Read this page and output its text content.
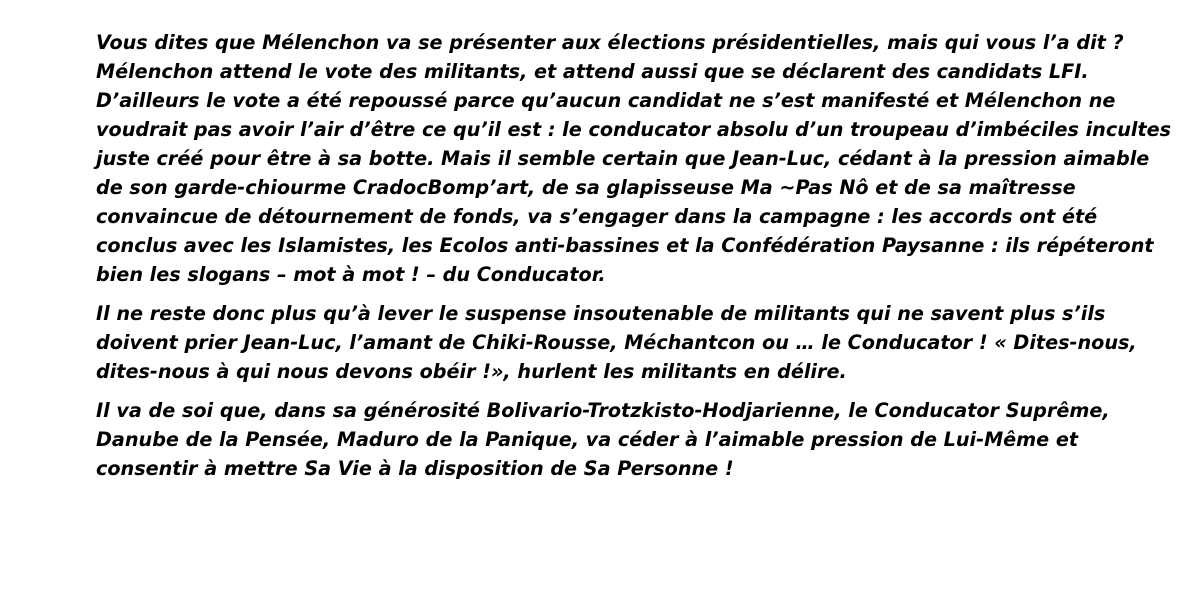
Vous dites que Mélenchon va se présenter aux élections présidentielles, mais qui vous l’a dit ?
Mélenchon attend le vote des militants, et attend aussi que se déclarent des candidats LFI.
D’ailleurs le vote a été repoussé parce qu’aucun candidat ne s’est manifesté et Mélenchon ne
voudrait pas avoir l’air d’être ce qu’il est : le conducator absolu d’un troupeau d’imbéciles incultes
juste créé pour être à sa botte. Mais il semble certain que Jean-Luc, cédant à la pression aimable
de son garde-chiourme CradocBomp’art, de sa glapisseuse Ma ~Pas Nô et de sa maîtresse
convaincue de détournement de fonds, va s’engager dans la campagne : les accords ont été
conclus avec les Islamistes, les Ecolos anti-bassines et la Confédération Paysanne : ils répéteront
bien les slogans – mot à mot ! – du Conducator.

Il ne reste donc plus qu’à lever le suspense insoutenable de militants qui ne savent plus s’ils
doivent prier Jean-Luc, l’amant de Chiki-Rousse, Méchantcon ou … le Conducator ! « Dites-nous,
dites-nous à qui nous devons obéir !», hurlent les militants en délire.

Il va de soi que, dans sa générosité Bolivario-Trotzkisto-Hodjarienne, le Conducator Suprême,
Danube de la Pensée, Maduro de la Panique, va céder à l’aimable pression de Lui-Même et
consentir à mettre Sa Vie à la disposition de Sa Personne !
